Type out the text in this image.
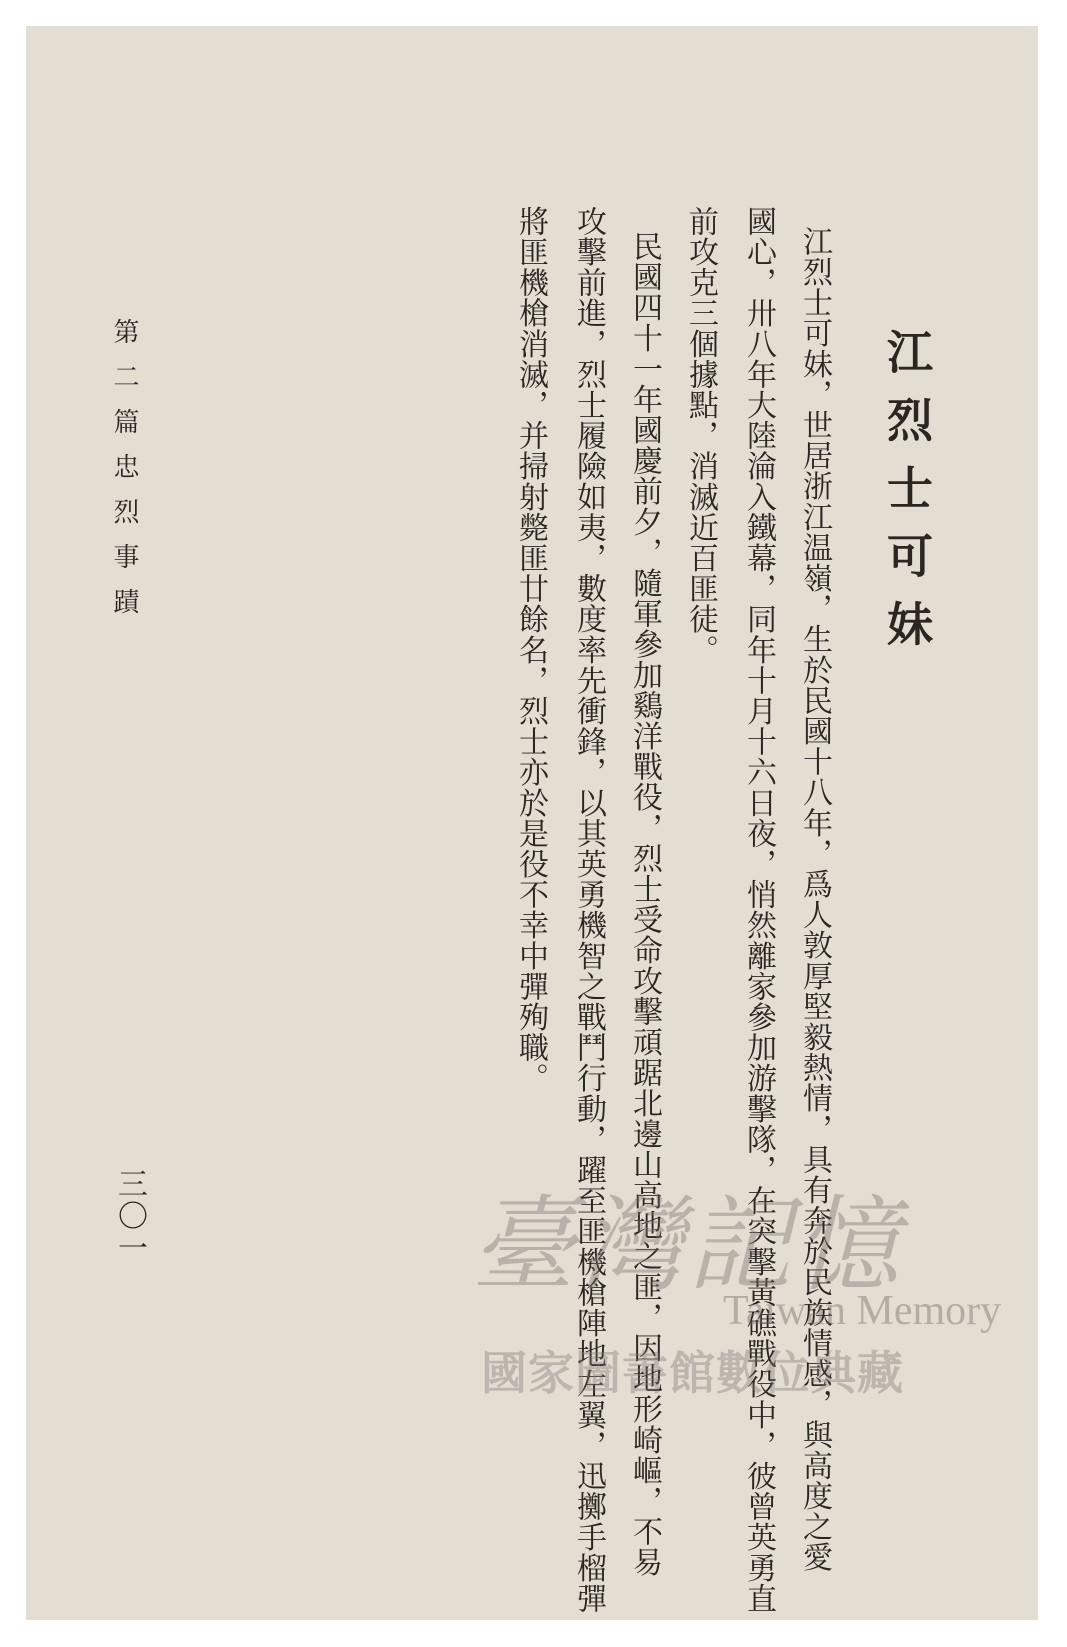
江烈士可妹
江烈士可妹，世居浙江温嶺，生於民國十八年，爲人敦厚堅毅熱情，具有奔於民族情感，與高度之愛
國心，卅八年大陸淪入鐵幕，同年十月十六日夜，悄然離家參加游擊隊，在突擊黃礁戰役中，彼曾英勇直
前攻克三個據點，消滅近百匪徒。
民國四十一年國慶前夕，隨軍參加鷄洋戰役，烈士受命攻擊頑踞北邊山高地之匪，因地形崎嶇，不易
攻擊前進，烈士履險如夷，數度率先衝鋒，以其英勇機智之戰鬥行動，躍至匪機槍陣地左翼，迅擲手榴彈
將匪機槍消滅，并掃射斃匪廿餘名，烈士亦於是役不幸中彈殉職。
第二篇忠烈事蹟
三〇一	臺灣記憶
Taiwan Memory
國家圖書館數位典藏
